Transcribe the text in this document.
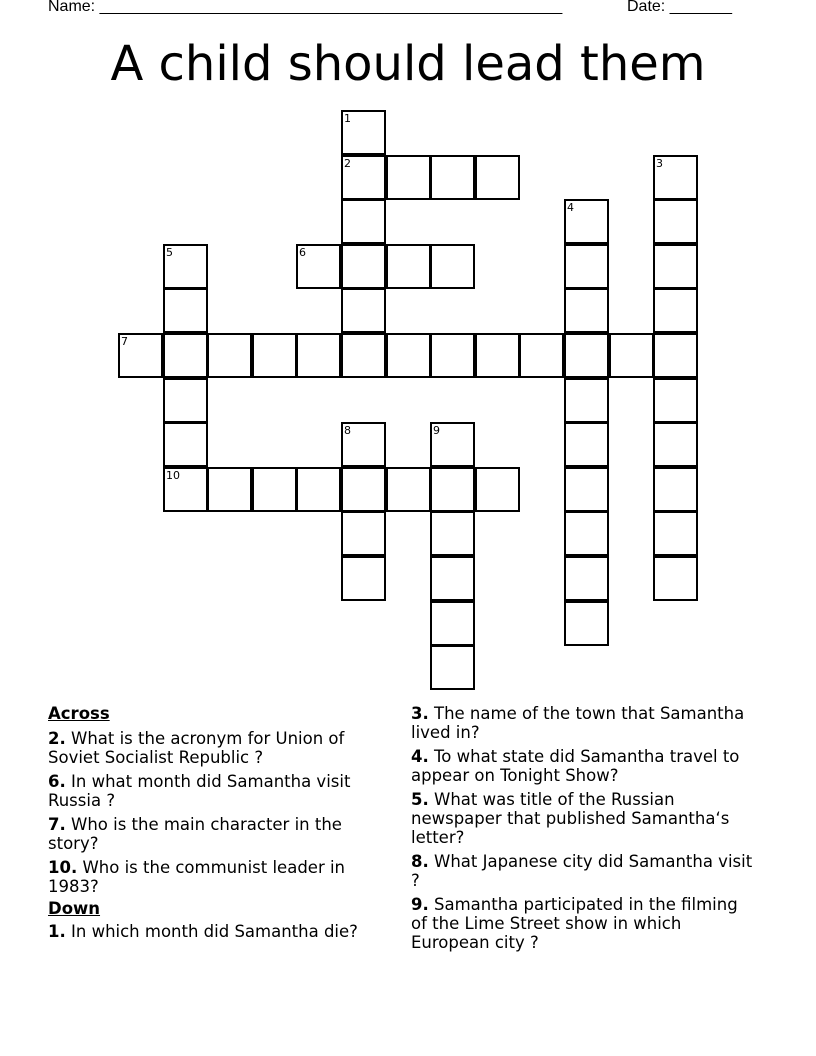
Name: ____________________________________________________	Date: _______
A child should lead them
1
2	3
4
5
10
6
7
8	9
Across
2. What is the acronym for Union of Soviet Socialist Republic ?
6. In what month did Samantha visit Russia ?
7. Who is the main character in the story?
10. Who is the communist leader in 1983?
Down
1. In which month did Samantha die?
3. The name of the town that Samantha lived in?
4. To what state did Samantha travel to appear on Tonight Show?
5. What was title of the Russian newspaper that published Samantha‘s letter?
8. What Japanese city did Samantha visit ?
9. Samantha participated in the filming of the Lime Street show in which European city ?
